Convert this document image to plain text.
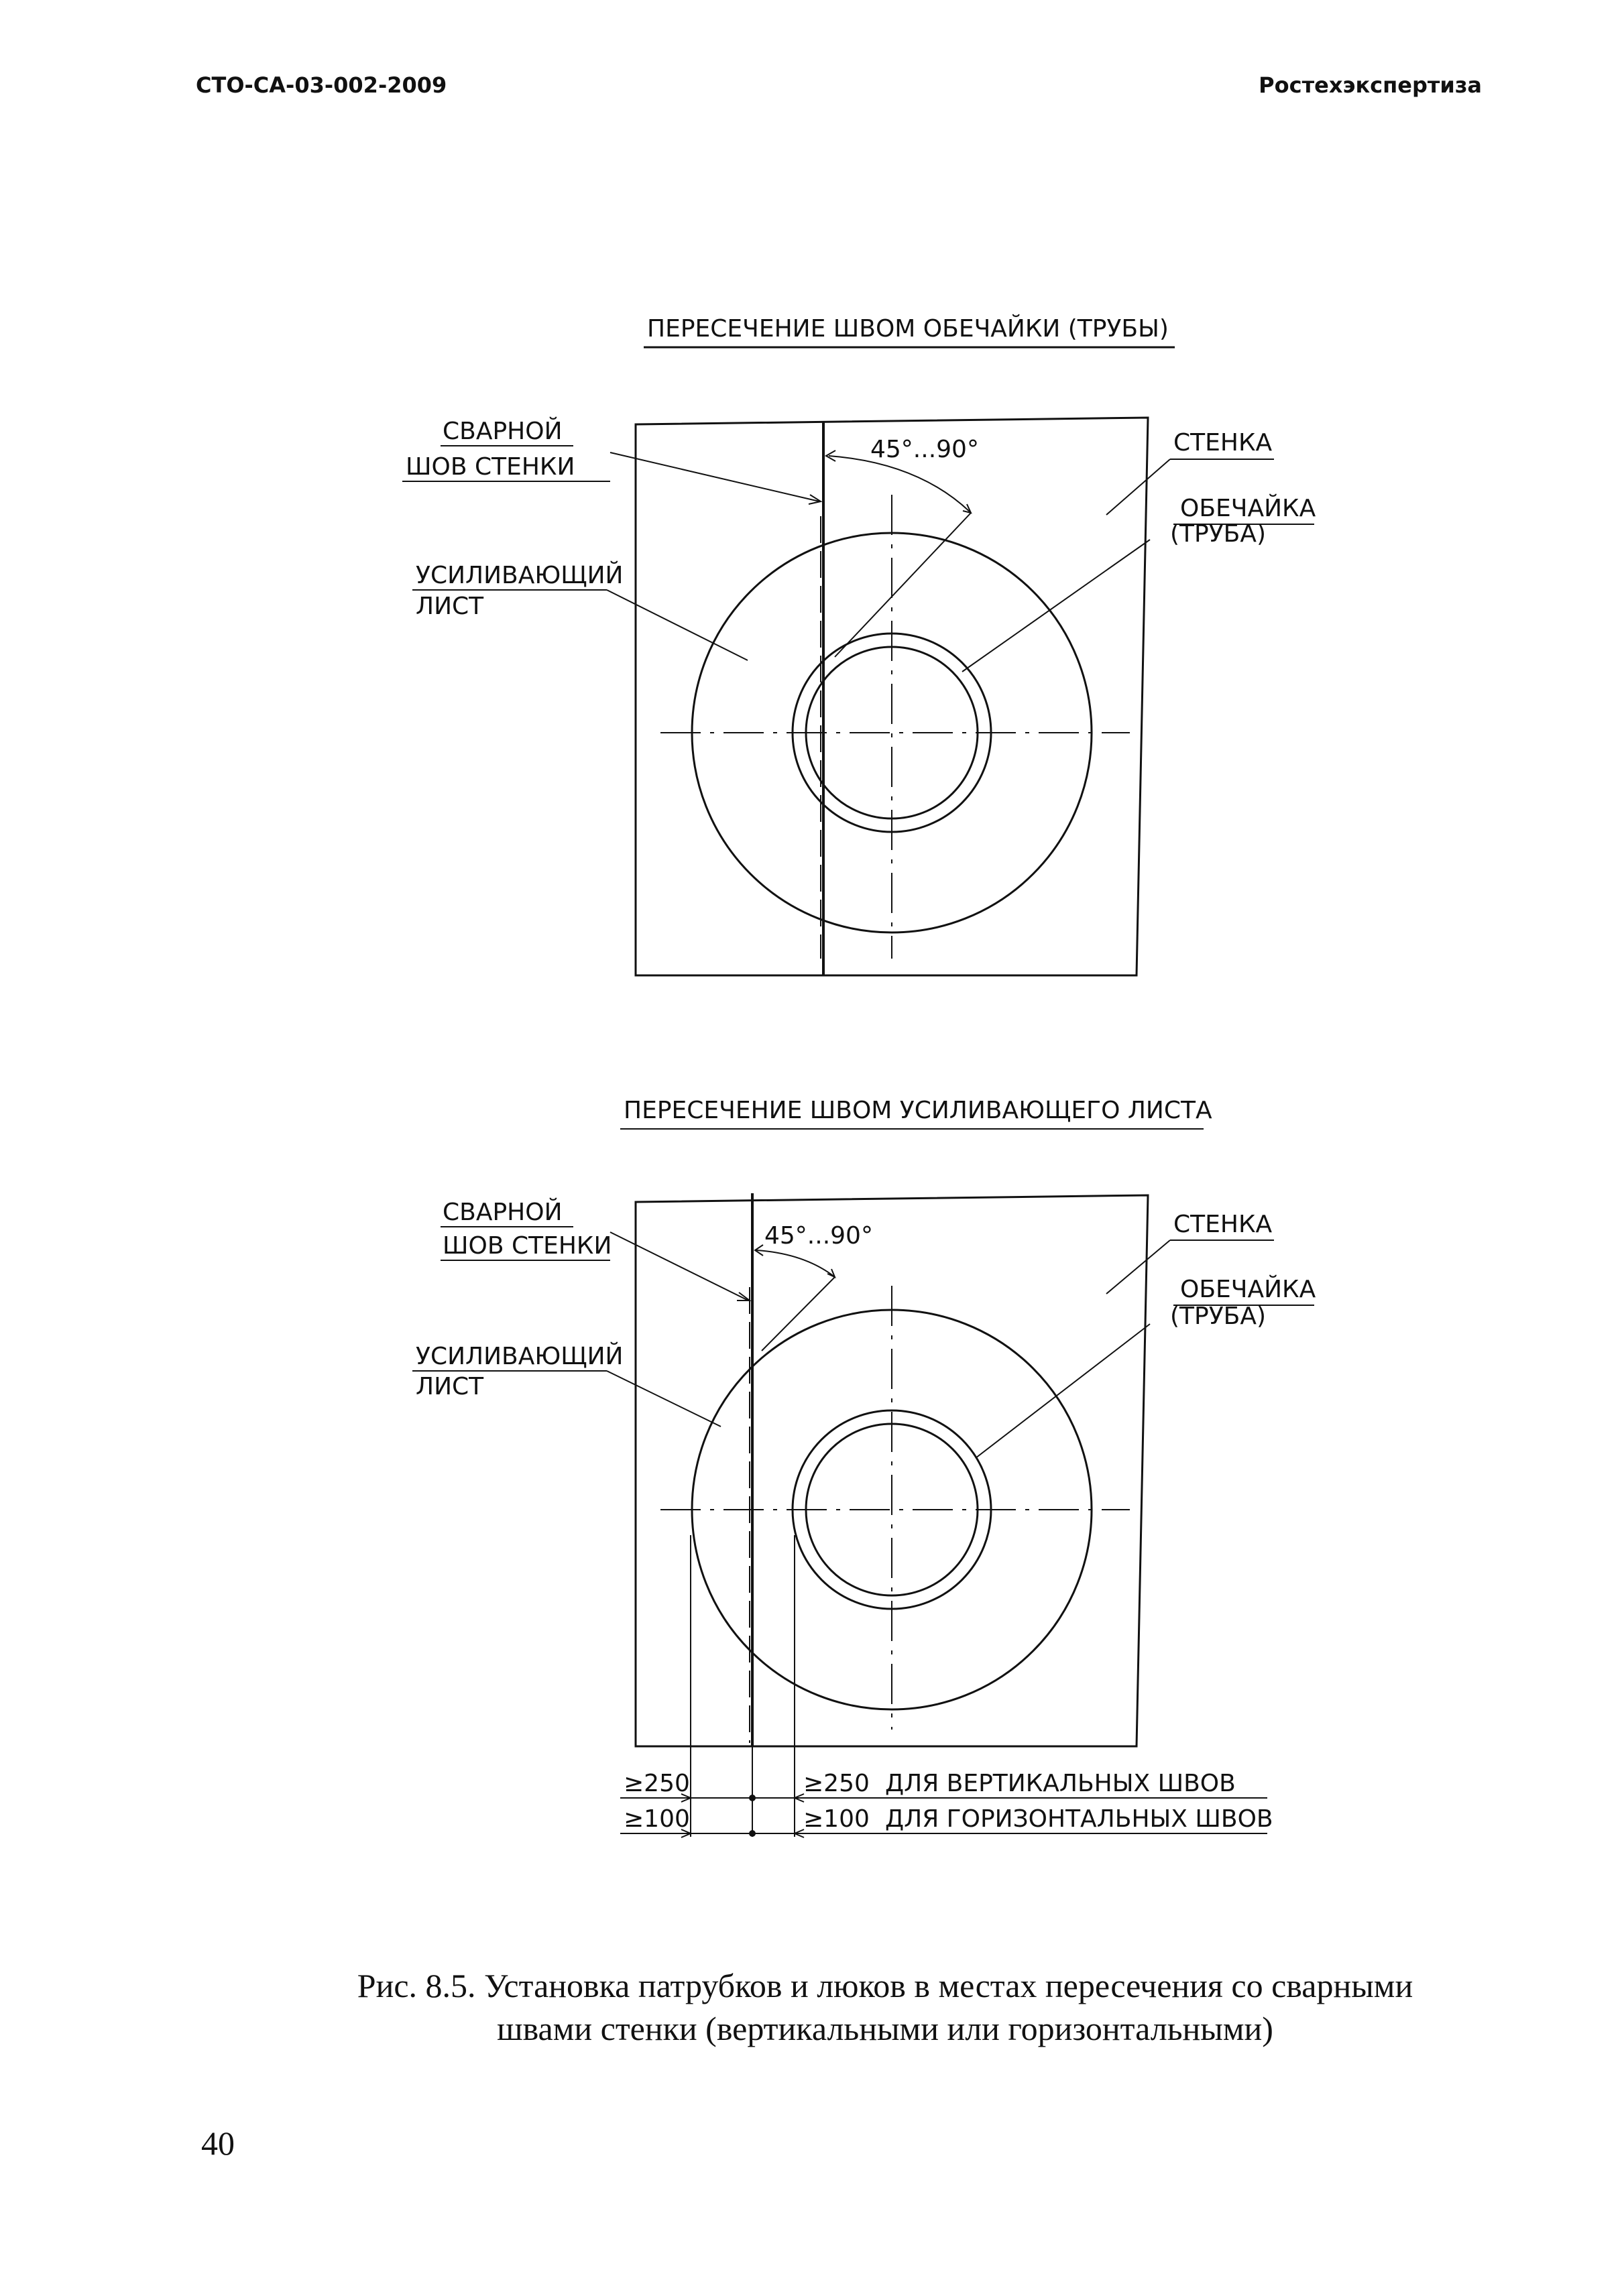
СТО-СА-03-002-2009	Ростехэкспертиза
ПЕРЕСЕЧЕНИЕ ШВОМ ОБЕЧАЙКИ (ТРУБЫ)
СВАРНОЙ
ШОВ СТЕНКИ
УСИЛИВАЮЩИЙ
ЛИСТ
45°...90°	СТЕНКА
ОБЕЧАЙКА
(ТРУБА)
ПЕРЕСЕЧЕНИЕ ШВОМ УСИЛИВАЮЩЕГО ЛИСТА
СВАРНОЙ
ШОВ СТЕНКИ
УСИЛИВАЮЩИЙ
ЛИСТ
45°...90°	СТЕНКА
ОБЕЧАЙКА
(ТРУБА)
≥250
≥100
≥250
≥100
ДЛЯ ВЕРТИКАЛЬНЫХ ШВОВ
ДЛЯ ГОРИЗОНТАЛЬНЫХ ШВОВ
Рис. 8.5. Установка патрубков и люков в местах пересечения со сварными
швами стенки (вертикальными или горизонтальными)
40
